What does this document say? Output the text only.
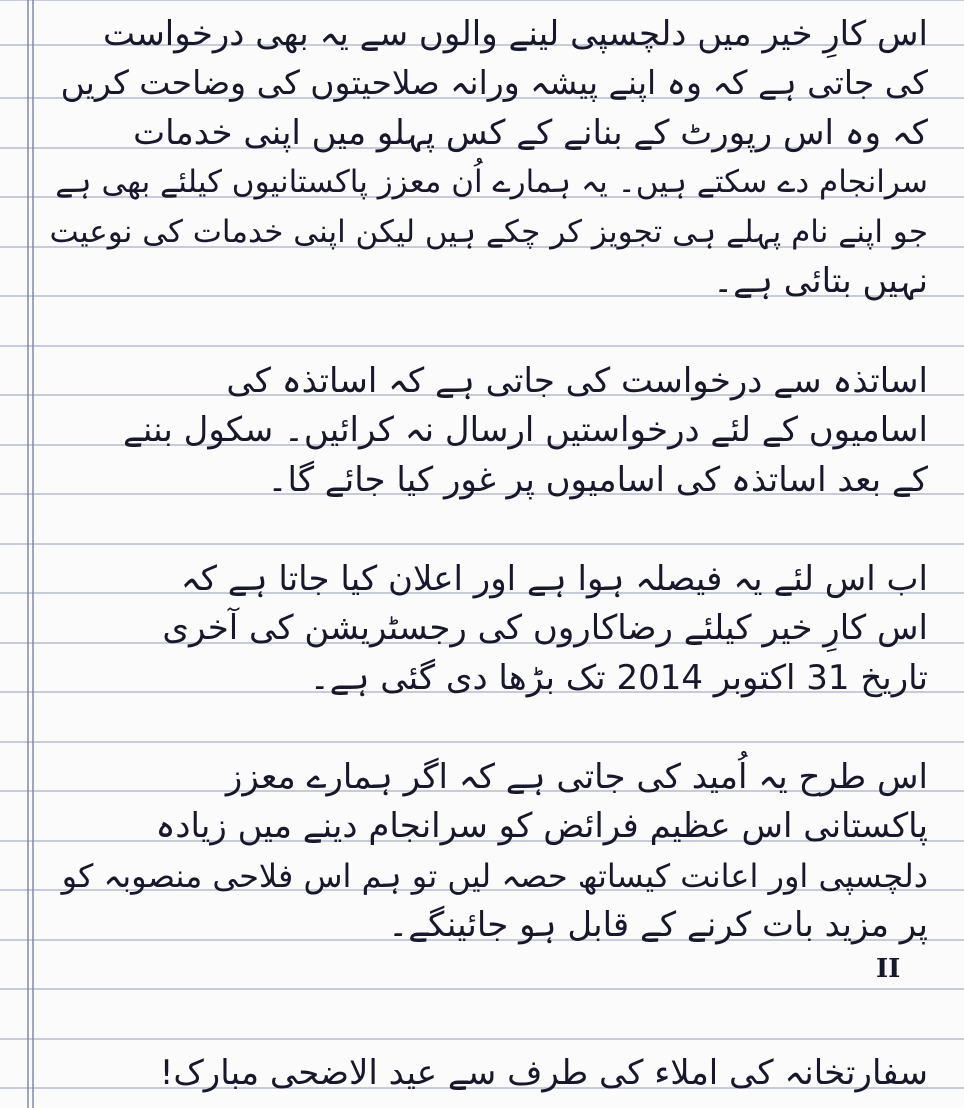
اس کارِ خیر میں دلچسپی لینے والوں سے یہ بھی درخواست
کی جاتی ہے کہ وہ اپنے پیشہ ورانہ صلاحیتوں کی وضاحت کریں
کہ وہ اس رپورٹ کے بنانے کے کس پہلو میں اپنی خدمات
سرانجام دے سکتے ہیں۔ یہ ہمارے اُن معزز پاکستانیوں کیلئے بھی ہے
جو اپنے نام پہلے ہی تجویز کر چکے ہیں لیکن اپنی خدمات کی نوعیت
نہیں بتائی ہے۔
اساتذہ سے درخواست کی جاتی ہے کہ اساتذہ کی
اسامیوں کے لئے درخواستیں ارسال نہ کرائیں۔ سکول بننے
کے بعد اساتذہ کی اسامیوں پر غور کیا جائے گا۔
اب اس لئے یہ فیصلہ ہوا ہے اور اعلان کیا جاتا ہے کہ
اس کارِ خیر کیلئے رضاکاروں کی رجسٹریشن کی آخری
تاریخ 31 اکتوبر 2014 تک بڑھا دی گئی ہے۔
اس طرح یہ اُمید کی جاتی ہے کہ اگر ہمارے معزز
پاکستانی اس عظیم فرائض کو سرانجام دینے میں زیادہ
دلچسپی اور اعانت کیساتھ حصہ لیں تو ہم اس فلاحی منصوبہ کو
پر مزید بات کرنے کے قابل ہو جائینگے۔
II
سفارتخانہ کی املاء کی طرف سے عید الاضحی مبارک!
